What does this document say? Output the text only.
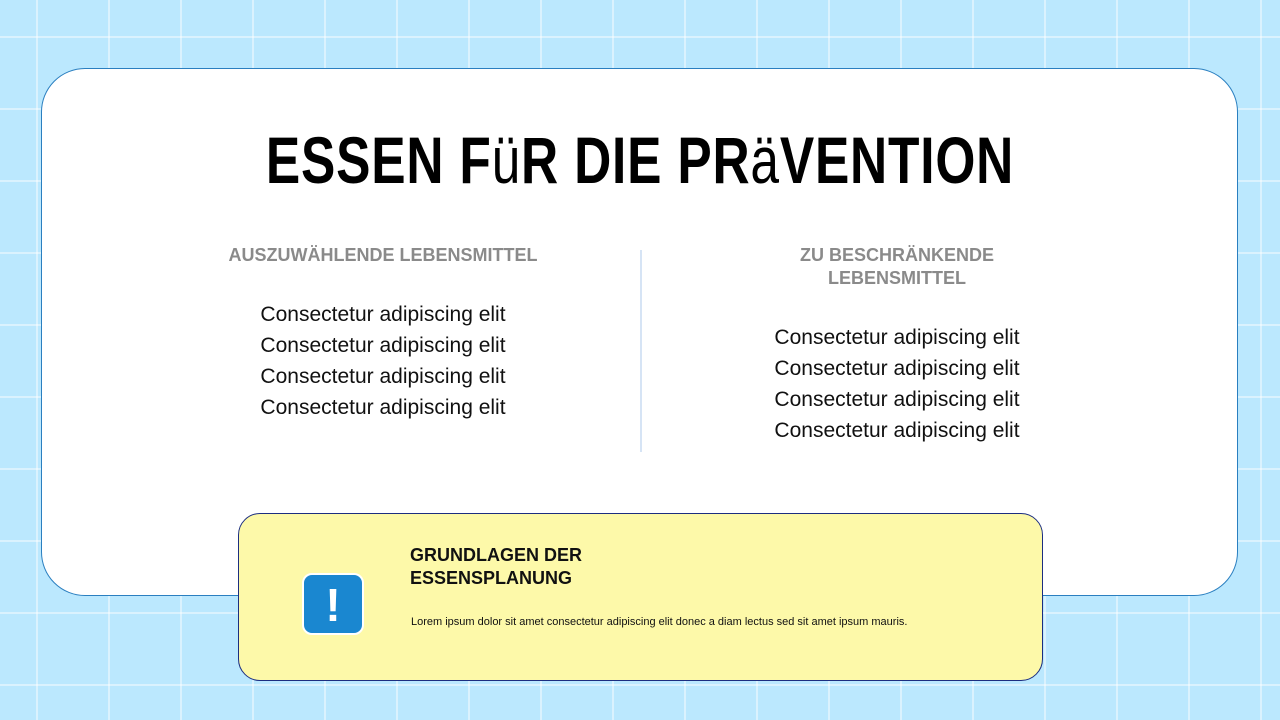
ESSEN FüR DIE PRäVENTION
AUSZUWÄHLENDE LEBENSMITTEL
Consectetur adipiscing elit
Consectetur adipiscing elit
Consectetur adipiscing elit
Consectetur adipiscing elit
ZU BESCHRÄNKENDE LEBENSMITTEL
Consectetur adipiscing elit
Consectetur adipiscing elit
Consectetur adipiscing elit
Consectetur adipiscing elit
!
GRUNDLAGEN DER ESSENSPLANUNG

Lorem ipsum dolor sit amet consectetur adipiscing elit donec a diam lectus sed sit amet ipsum mauris.
